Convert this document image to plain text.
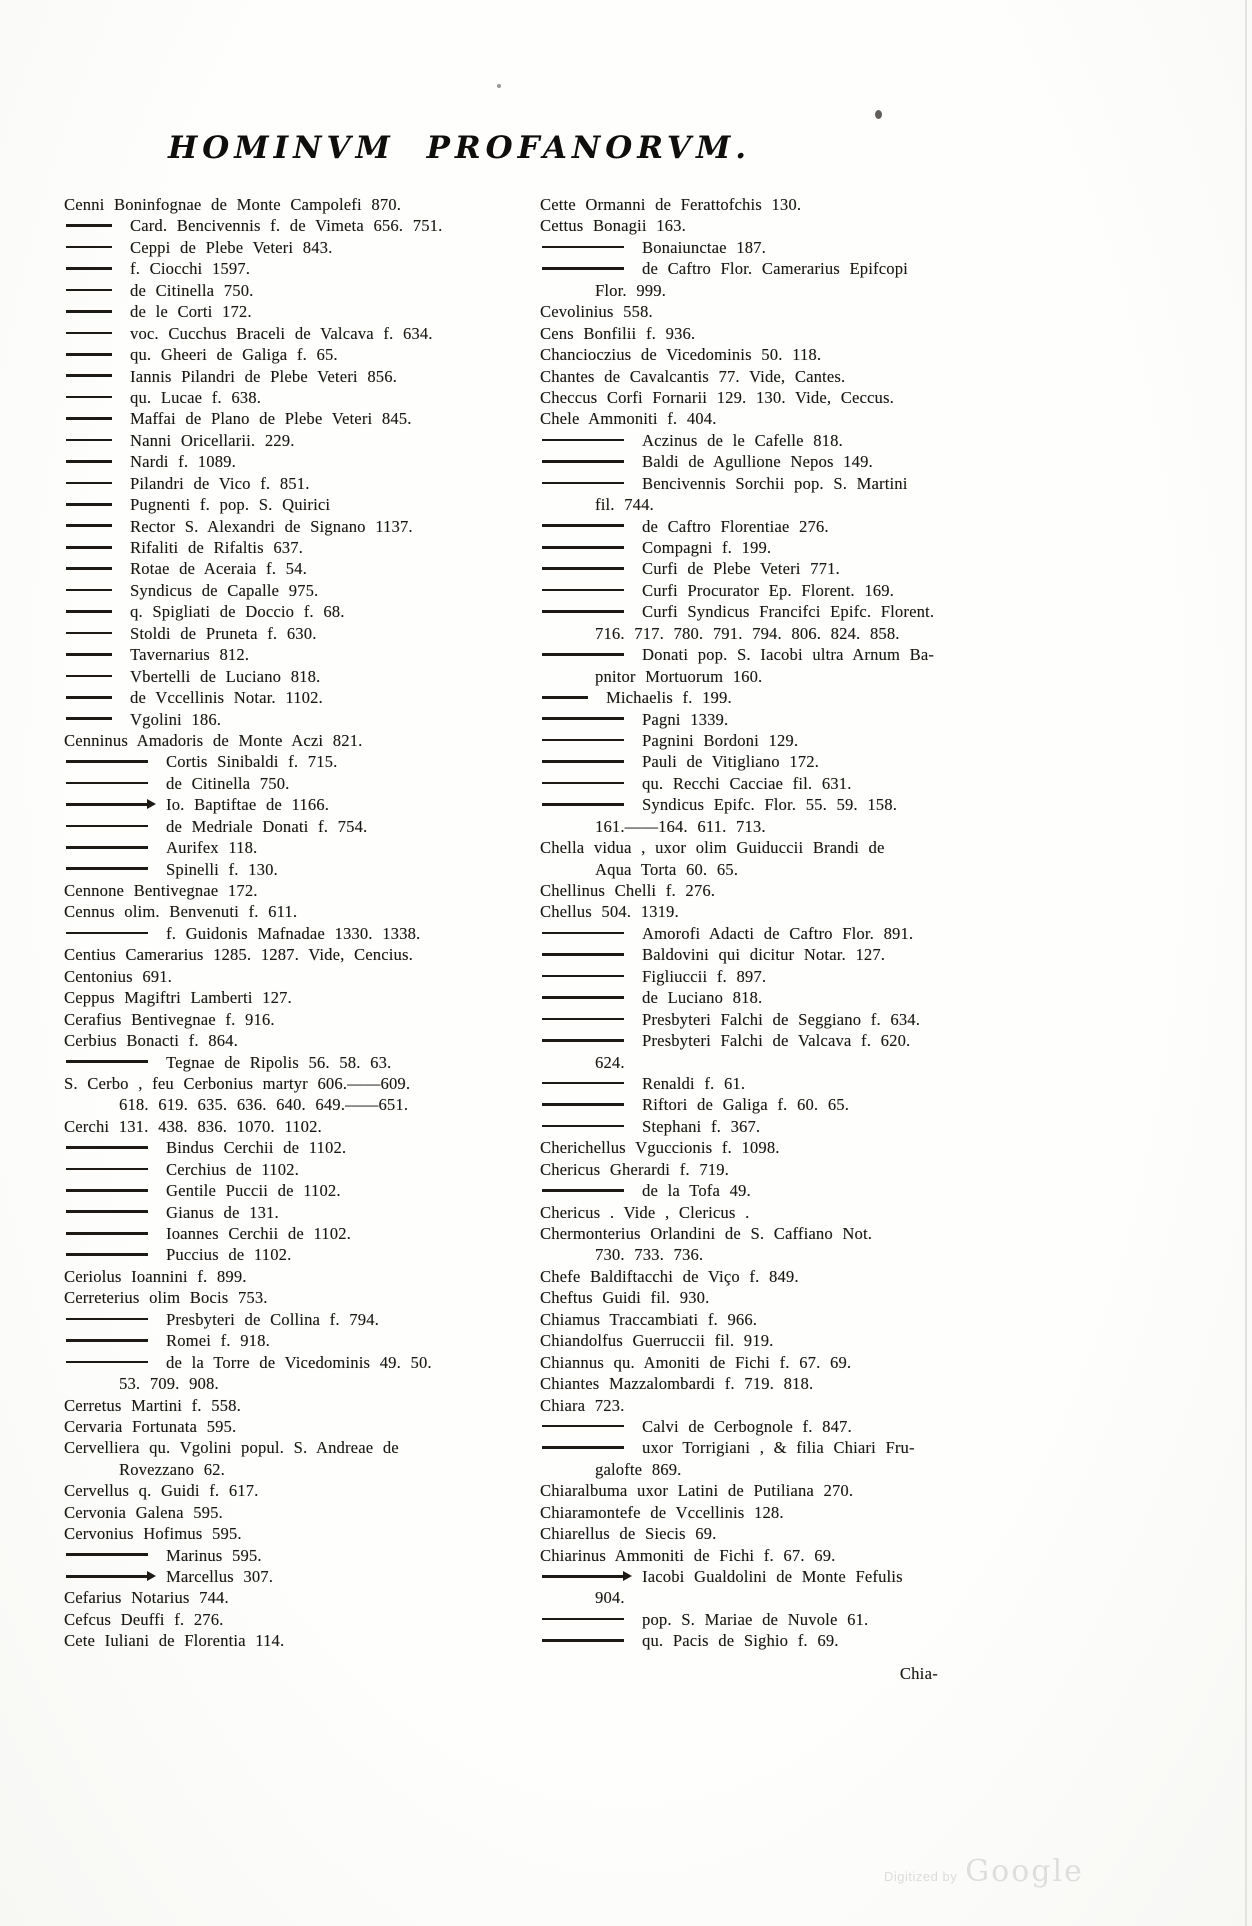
HOMINVM PROFANORVM.
Cenni Boninfognae de Monte Campolefi 870.
Card. Bencivennis f. de Vimeta 656. 751.
Ceppi de Plebe Veteri 843.
f. Ciocchi 1597.
de Citinella 750.
de le Corti 172.
voc. Cucchus Braceli de Valcava f. 634.
qu. Gheeri de Galiga f. 65.
Iannis Pilandri de Plebe Veteri 856.
qu. Lucae f. 638.
Maffai de Plano de Plebe Veteri 845.
Nanni Oricellarii. 229.
Nardi f. 1089.
Pilandri de Vico f. 851.
Pugnenti f. pop. S. Quirici
Rector S. Alexandri de Signano 1137.
Rifaliti de Rifaltis 637.
Rotae de Aceraia f. 54.
Syndicus de Capalle 975.
q. Spigliati de Doccio f. 68.
Stoldi de Pruneta f. 630.
Tavernarius 812.
Vbertelli de Luciano 818.
de Vccellinis Notar. 1102.
Vgolini 186.
Cenninus Amadoris de Monte Aczi 821.
Cortis Sinibaldi f. 715.
de Citinella 750.
Io. Baptiftae de 1166.
de Medriale Donati f. 754.
Aurifex 118.
Spinelli f. 130.
Cennone Bentivegnae 172.
Cennus olim. Benvenuti f. 611.
f. Guidonis Mafnadae 1330. 1338.
Centius Camerarius 1285. 1287. Vide, Cencius.
Centonius 691.
Ceppus Magiftri Lamberti 127.
Cerafius Bentivegnae f. 916.
Cerbius Bonacti f. 864.
Tegnae de Ripolis 56. 58. 63.
S. Cerbo , feu Cerbonius martyr 606.——609.
618. 619. 635. 636. 640. 649.——651.
Cerchi 131. 438. 836. 1070. 1102.
Bindus Cerchii de 1102.
Cerchius de 1102.
Gentile Puccii de 1102.
Gianus de 131.
Ioannes Cerchii de 1102.
Puccius de 1102.
Ceriolus Ioannini f. 899.
Cerreterius olim Bocis 753.
Presbyteri de Collina f. 794.
Romei f. 918.
de la Torre de Vicedominis 49. 50.
53. 709. 908.
Cerretus Martini f. 558.
Cervaria Fortunata 595.
Cervelliera qu. Vgolini popul. S. Andreae de
Rovezzano 62.
Cervellus q. Guidi f. 617.
Cervonia Galena 595.
Cervonius Hofimus 595.
Marinus 595.
Marcellus 307.
Cefarius Notarius 744.
Cefcus Deuffi f. 276.
Cete Iuliani de Florentia 114.
Cette Ormanni de Ferattofchis 130.
Cettus Bonagii 163.
Bonaiunctae 187.
de Caftro Flor. Camerarius Epifcopi
Flor. 999.
Cevolinius 558.
Cens Bonfilii f. 936.
Chancioczius de Vicedominis 50. 118.
Chantes de Cavalcantis 77. Vide, Cantes.
Checcus Corfi Fornarii 129. 130. Vide, Ceccus.
Chele Ammoniti f. 404.
Aczinus de le Cafelle 818.
Baldi de Agullione Nepos 149.
Bencivennis Sorchii pop. S. Martini
fil. 744.
de Caftro Florentiae 276.
Compagni f. 199.
Curfi de Plebe Veteri 771.
Curfi Procurator Ep. Florent. 169.
Curfi Syndicus Francifci Epifc. Florent.
716. 717. 780. 791. 794. 806. 824. 858.
Donati pop. S. Iacobi ultra Arnum Ba-
pnitor Mortuorum 160.
Michaelis f. 199.
Pagni 1339.
Pagnini Bordoni 129.
Pauli de Vitigliano 172.
qu. Recchi Cacciae fil. 631.
Syndicus Epifc. Flor. 55. 59. 158.
161.——164. 611. 713.
Chella vidua , uxor olim Guiduccii Brandi de
Aqua Torta 60. 65.
Chellinus Chelli f. 276.
Chellus 504. 1319.
Amorofi Adacti de Caftro Flor. 891.
Baldovini qui dicitur Notar. 127.
Figliuccii f. 897.
de Luciano 818.
Presbyteri Falchi de Seggiano f. 634.
Presbyteri Falchi de Valcava f. 620.
624.
Renaldi f. 61.
Riftori de Galiga f. 60. 65.
Stephani f. 367.
Cherichellus Vguccionis f. 1098.
Chericus Gherardi f. 719.
de la Tofa 49.
Chericus . Vide , Clericus .
Chermonterius Orlandini de S. Caffiano Not.
730. 733. 736.
Chefe Baldiftacchi de Viço f. 849.
Cheftus Guidi fil. 930.
Chiamus Traccambiati f. 966.
Chiandolfus Guerruccii fil. 919.
Chiannus qu. Amoniti de Fichi f. 67. 69.
Chiantes Mazzalombardi f. 719. 818.
Chiara 723.
Calvi de Cerbognole f. 847.
uxor Torrigiani , & filia Chiari Fru-
galofte 869.
Chiaralbuma uxor Latini de Putiliana 270.
Chiaramontefe de Vccellinis 128.
Chiarellus de Siecis 69.
Chiarinus Ammoniti de Fichi f. 67. 69.
Iacobi Gualdolini de Monte Fefulis
904.
pop. S. Mariae de Nuvole 61.
qu. Pacis de Sighio f. 69.
Chia-
Digitized by Google
